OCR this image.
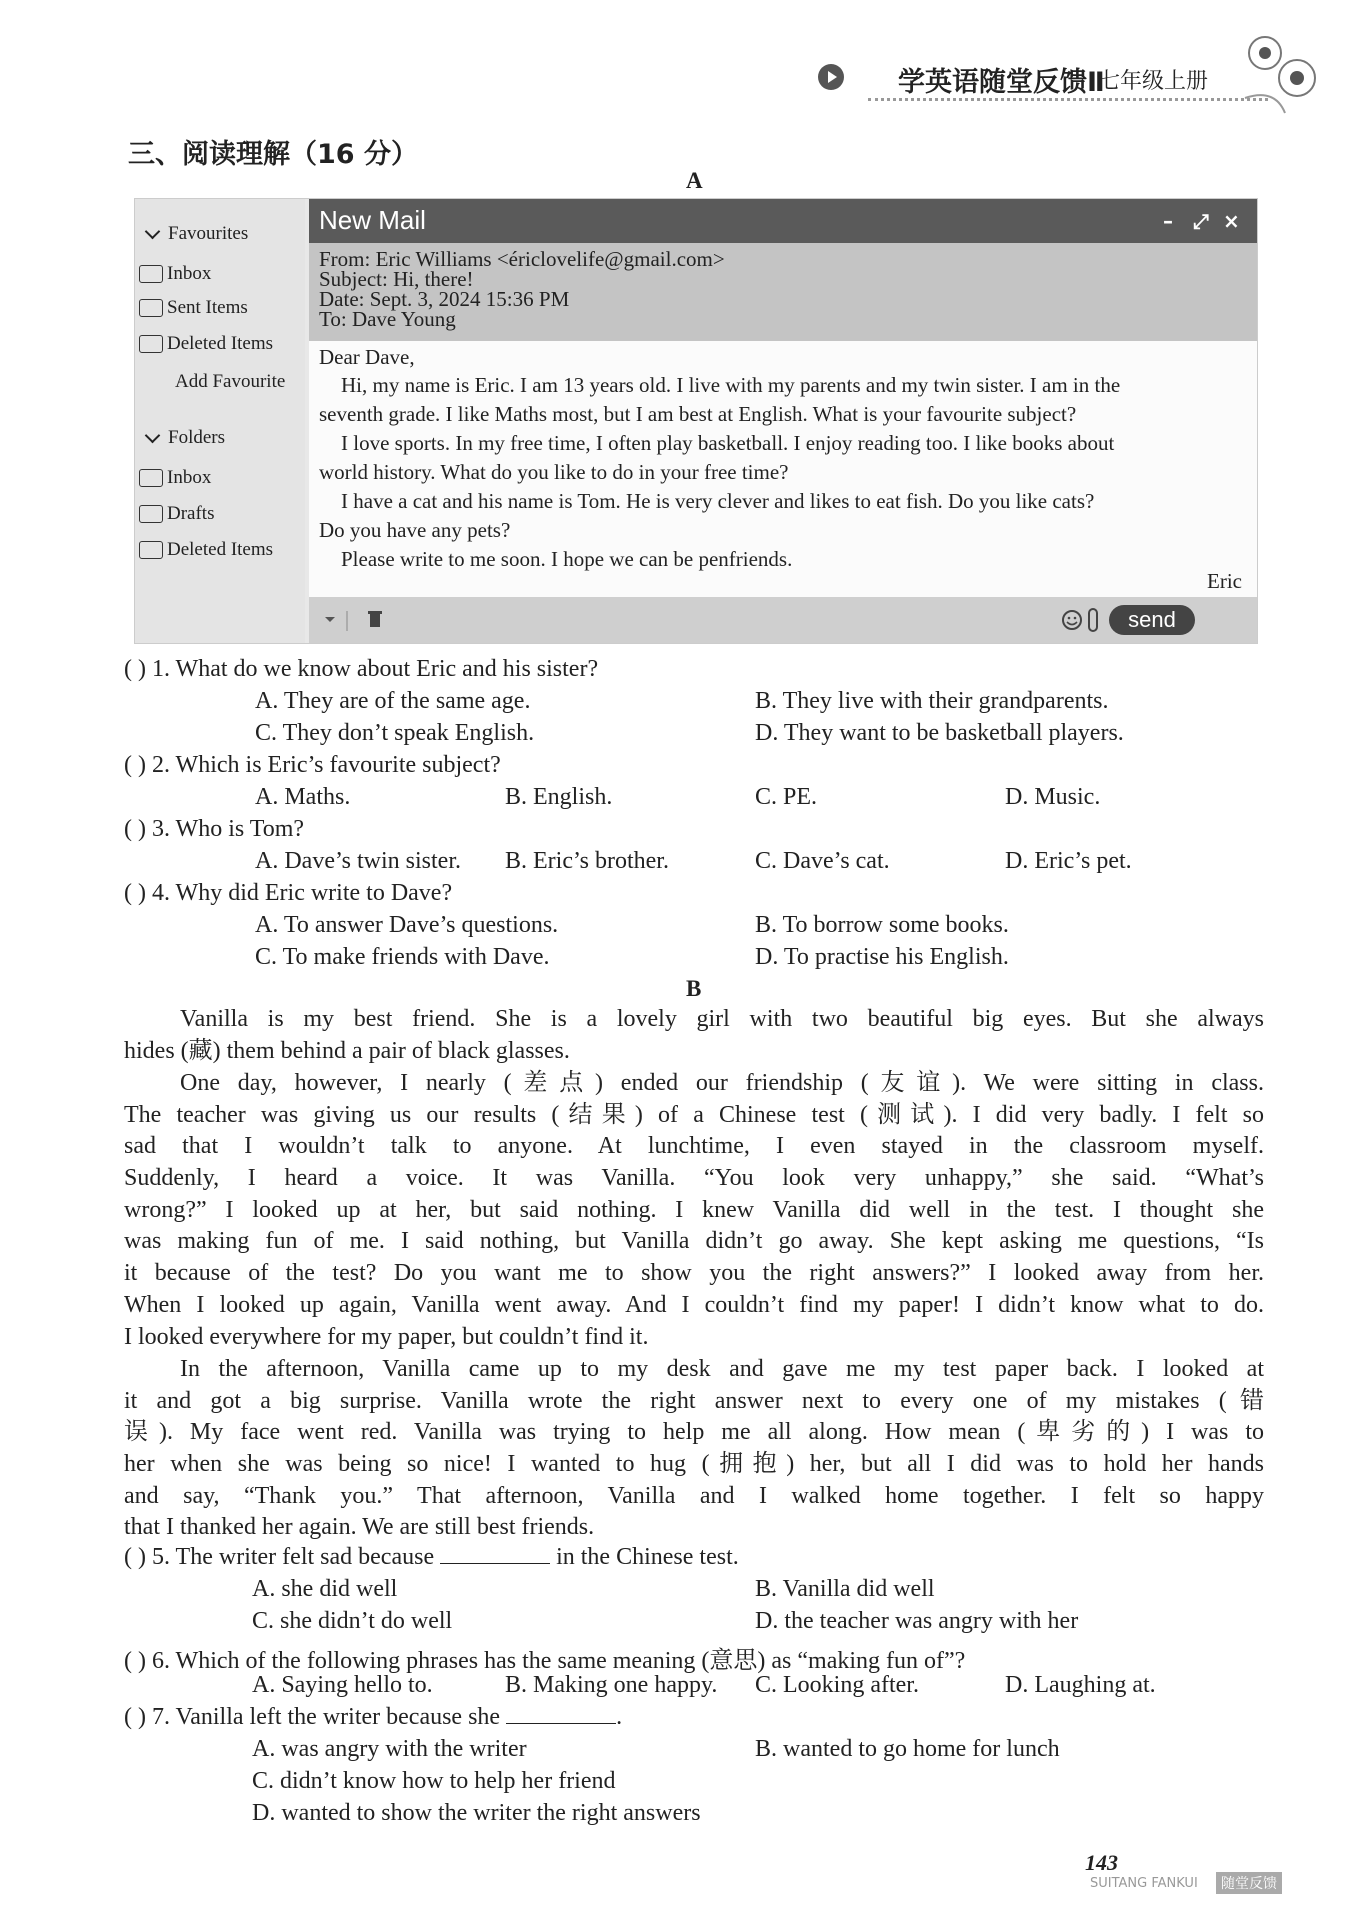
学英语随堂反馈Ⅱ
七年级上册
三、阅读理解（16 分）
A
Favourites
Inbox
Sent Items
Deleted Items
Add Favourite
Folders
Inbox
Drafts
Deleted Items
New Mail	– ⤢ ×
From: Eric Williams <ériclovelife@gmail.com>
Subject: Hi, there!
Date: Sept. 3, 2024 15:36 PM
To: Dave Young
Dear Dave,
Hi, my name is Eric. I am 13 years old. I live with my parents and my twin sister. I am in the
seventh grade. I like Maths most, but I am best at English. What is your favourite subject?
I love sports. In my free time, I often play basketball. I enjoy reading too. I like books about
world history. What do you like to do in your free time?
I have a cat and his name is Tom. He is very clever and likes to eat fish. Do you like cats?
Do you have any pets?
Please write to me soon. I hope we can be penfriends.
Eric
send
( ) 1. What do we know about Eric and his sister?
A. They are of the same age.	B. They live with their grandparents.
C. They don’t speak English.	D. They want to be basketball players.
( ) 2. Which is Eric’s favourite subject?
A. Maths.	B. English.	C. PE.	D. Music.
( ) 3. Who is Tom?
A. Dave’s twin sister. B. Eric’s brother.	C. Dave’s cat.	D. Eric’s pet.
( ) 4. Why did Eric write to Dave?
A. To answer Dave’s questions.	B. To borrow some books.
C. To make friends with Dave.	D. To practise his English.
B
Vanilla is my best friend. She is a lovely girl with two beautiful big eyes. But she always
hides (藏) them behind a pair of black glasses.
One day, however, I nearly (差点) ended our friendship (友谊). We were sitting in class.
The teacher was giving us our results (结果) of a Chinese test (测试). I did very badly. I felt so
sad that I wouldn’t talk to anyone. At lunchtime, I even stayed in the classroom myself.
Suddenly, I heard a voice. It was Vanilla. “You look very unhappy,” she said. “What’s
wrong?” I looked up at her, but said nothing. I knew Vanilla did well in the test. I thought she
was making fun of me. I said nothing, but Vanilla didn’t go away. She kept asking me questions, “Is
it because of the test? Do you want me to show you the right answers?” I looked away from her.
When I looked up again, Vanilla went away. And I couldn’t find my paper! I didn’t know what to do.
I looked everywhere for my paper, but couldn’t find it.
In the afternoon, Vanilla came up to my desk and gave me my test paper back. I looked at
it and got a big surprise. Vanilla wrote the right answer next to every one of my mistakes (错
误). My face went red. Vanilla was trying to help me all along. How mean (卑劣的) I was to
her when she was being so nice! I wanted to hug (拥抱) her, but all I did was to hold her hands
and say, “Thank you.” That afternoon, Vanilla and I walked home together. I felt so happy
that I thanked her again. We are still best friends.
( ) 5. The writer felt sad because	in the Chinese test.
A. she did well	B. Vanilla did well
C. she didn’t do well	D. the teacher was angry with her
( ) 6. Which of the following phrases has the same meaning (意思) as “making fun of”?
A. Saying hello to.	B. Making one happy. C. Looking after.	D. Laughing at.
( ) 7. Vanilla left the writer because she	.
A. was angry with the writer	B. wanted to go home for lunch
C. didn’t know how to help her friend
D. wanted to show the writer the right answers
143
SUITANG FANKUI	随堂反馈
